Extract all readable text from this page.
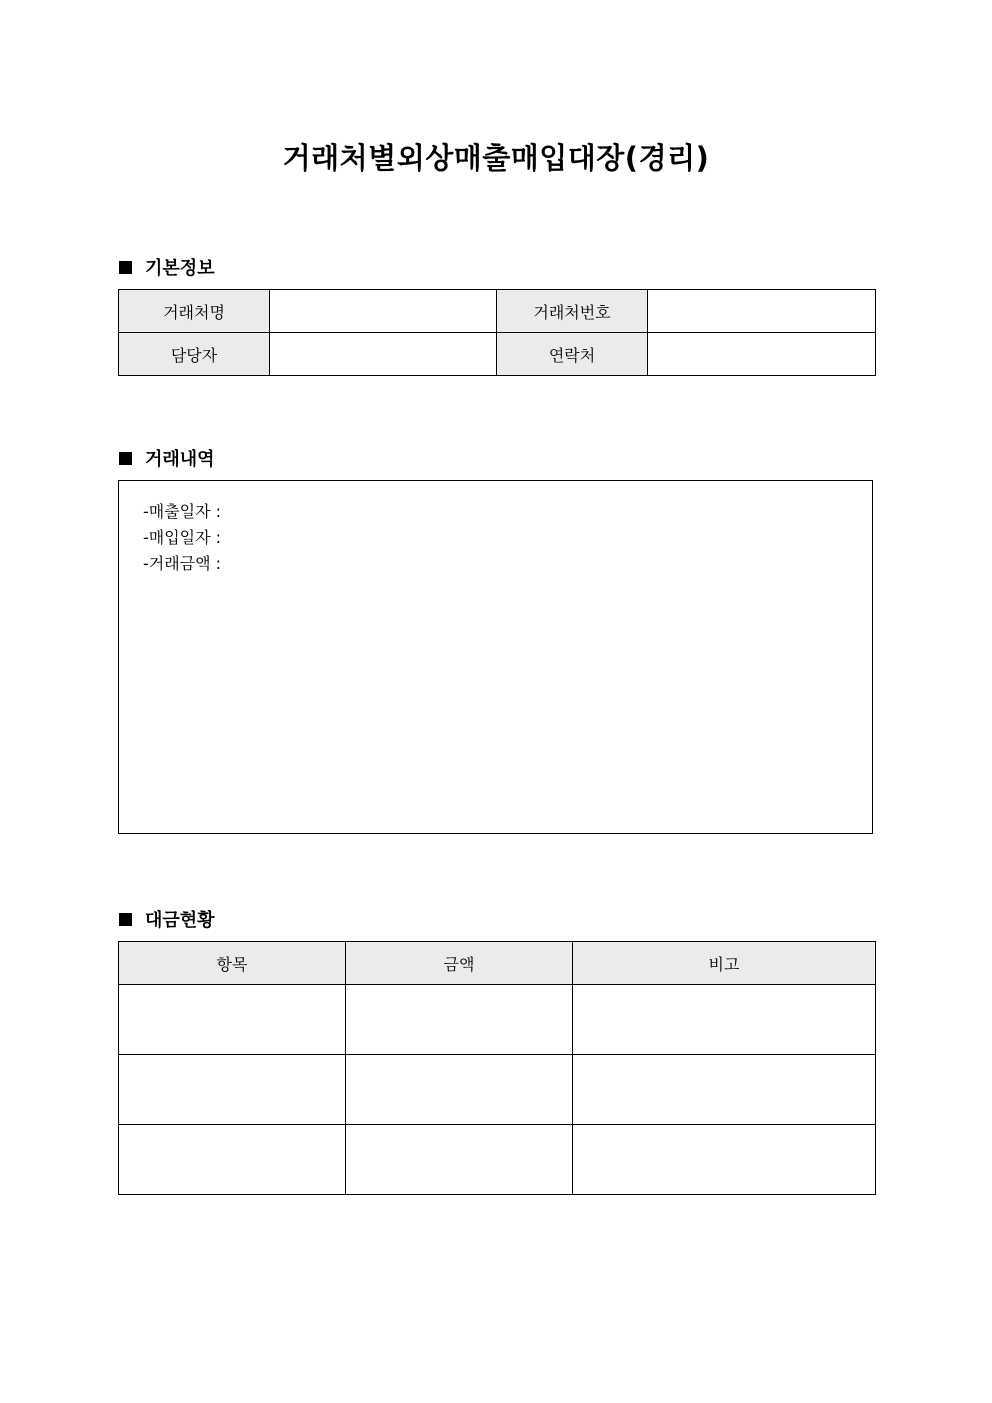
거래처별외상매출매입대장(경리)
기본정보
거래처명		거래처번호	
담당자		연락처	
거래내역

-매출일자 :

-매입일자 :

-거래금액 :

대금현황
항목	금액	비고
